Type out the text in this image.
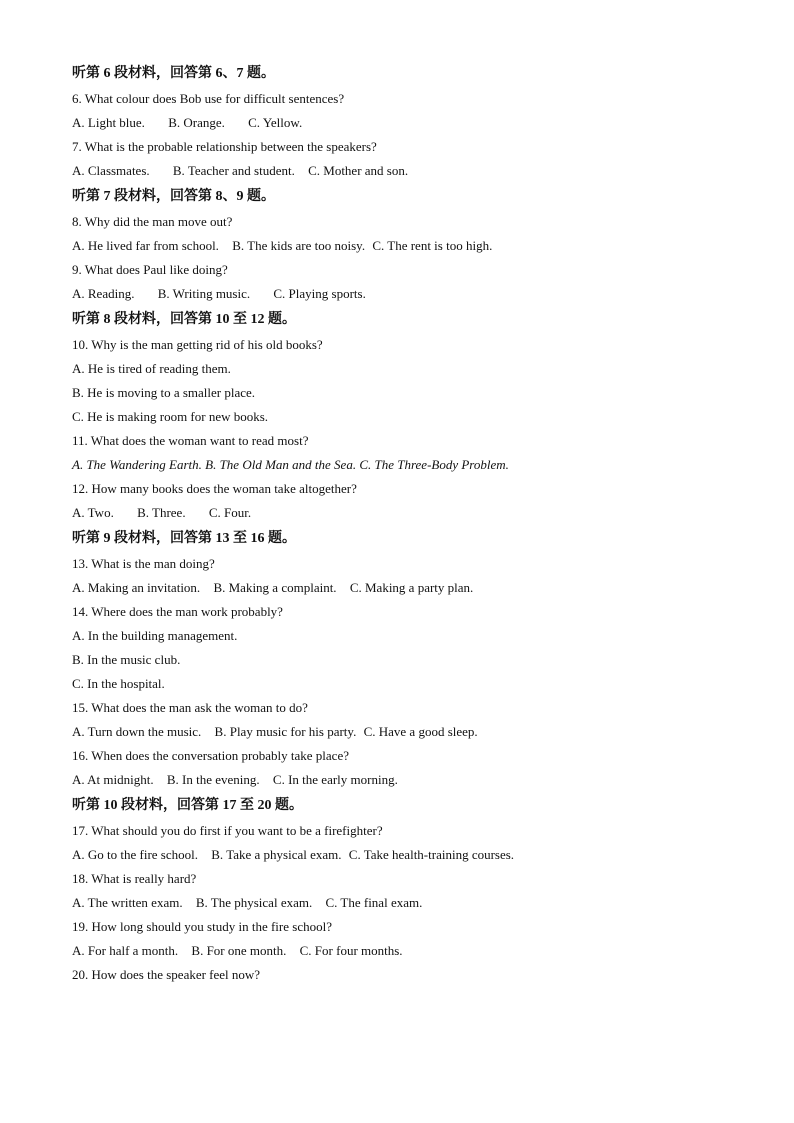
听第 6 段材料，回答第 6、7 题。
6. What colour does Bob use for difficult sentences?
A. Light blue. B. Orange. C. Yellow.
7. What is the probable relationship between the speakers?
A. Classmates. B. Teacher and student. C. Mother and son.
听第 7 段材料，回答第 8、9 题。
8. Why did the man move out?
A. He lived far from school. B. The kids are too noisy. C. The rent is too high.
9. What does Paul like doing?
A. Reading. B. Writing music. C. Playing sports.
听第 8 段材料，回答第 10 至 12 题。
10. Why is the man getting rid of his old books?
A. He is tired of reading them.
B. He is moving to a smaller place.
C. He is making room for new books.
11. What does the woman want to read most?
A. The Wandering Earth. B. The Old Man and the Sea. C. The Three-Body Problem.
12. How many books does the woman take altogether?
A. Two. B. Three. C. Four.
听第 9 段材料，回答第 13 至 16 题。
13. What is the man doing?
A. Making an invitation. B. Making a complaint. C. Making a party plan.
14. Where does the man work probably?
A. In the building management.
B. In the music club.
C. In the hospital.
15. What does the man ask the woman to do?
A. Turn down the music. B. Play music for his party. C. Have a good sleep.
16. When does the conversation probably take place?
A. At midnight. B. In the evening. C. In the early morning.
听第 10 段材料，回答第 17 至 20 题。
17. What should you do first if you want to be a firefighter?
A. Go to the fire school. B. Take a physical exam. C. Take health-training courses.
18. What is really hard?
A. The written exam. B. The physical exam. C. The final exam.
19. How long should you study in the fire school?
A. For half a month. B. For one month. C. For four months.
20. How does the speaker feel now?
